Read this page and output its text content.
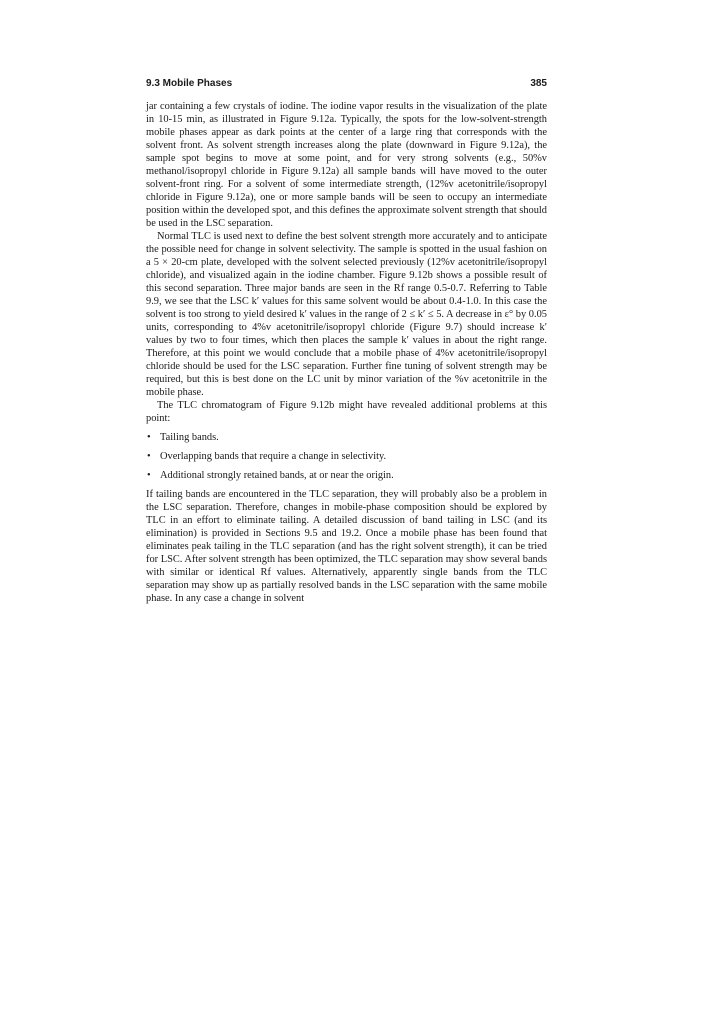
9.3 Mobile Phases	385

jar containing a few crystals of iodine. The iodine vapor results in the visualization of the plate in 10-15 min, as illustrated in Figure 9.12a. Typically, the spots for the low-solvent-strength mobile phases appear as dark points at the center of a large ring that corresponds with the solvent front. As solvent strength increases along the plate (downward in Figure 9.12a), the sample spot begins to move at some point, and for very strong solvents (e.g., 50%v methanol/isopropyl chloride in Figure 9.12a) all sample bands will have moved to the outer solvent-front ring. For a solvent of some intermediate strength, (12%v acetonitrile/isopropyl chloride in Figure 9.12a), one or more sample bands will be seen to occupy an intermediate position within the developed spot, and this defines the approximate solvent strength that should be used in the LSC separation.

Normal TLC is used next to define the best solvent strength more accurately and to anticipate the possible need for change in solvent selectivity. The sample is spotted in the usual fashion on a 5 × 20-cm plate, developed with the solvent selected previously (12%v acetonitrile/isopropyl chloride), and visualized again in the iodine chamber. Figure 9.12b shows a possible result of this second separation. Three major bands are seen in the Rf range 0.5-0.7. Referring to Table 9.9, we see that the LSC k′ values for this same solvent would be about 0.4-1.0. In this case the solvent is too strong to yield desired k′ values in the range of 2 ≤ k′ ≤ 5. A decrease in ε° by 0.05 units, corresponding to 4%v acetonitrile/isopropyl chloride (Figure 9.7) should increase k′ values by two to four times, which then places the sample k′ values in about the right range. Therefore, at this point we would conclude that a mobile phase of 4%v acetonitrile/isopropyl chloride should be used for the LSC separation. Further fine tuning of solvent strength may be required, but this is best done on the LC unit by minor variation of the %v acetonitrile in the mobile phase.

The TLC chromatogram of Figure 9.12b might have revealed additional problems at this point:

• Tailing bands.
• Overlapping bands that require a change in selectivity.
• Additional strongly retained bands, at or near the origin.

If tailing bands are encountered in the TLC separation, they will probably also be a problem in the LSC separation. Therefore, changes in mobile-phase composition should be explored by TLC in an effort to eliminate tailing. A detailed discussion of band tailing in LSC (and its elimination) is provided in Sections 9.5 and 19.2. Once a mobile phase has been found that eliminates peak tailing in the TLC separation (and has the right solvent strength), it can be tried for LSC. After solvent strength has been optimized, the TLC separation may show several bands with similar or identical Rf values. Alternatively, apparently single bands from the TLC separation may show up as partially resolved bands in the LSC separation with the same mobile phase. In any case a change in solvent
